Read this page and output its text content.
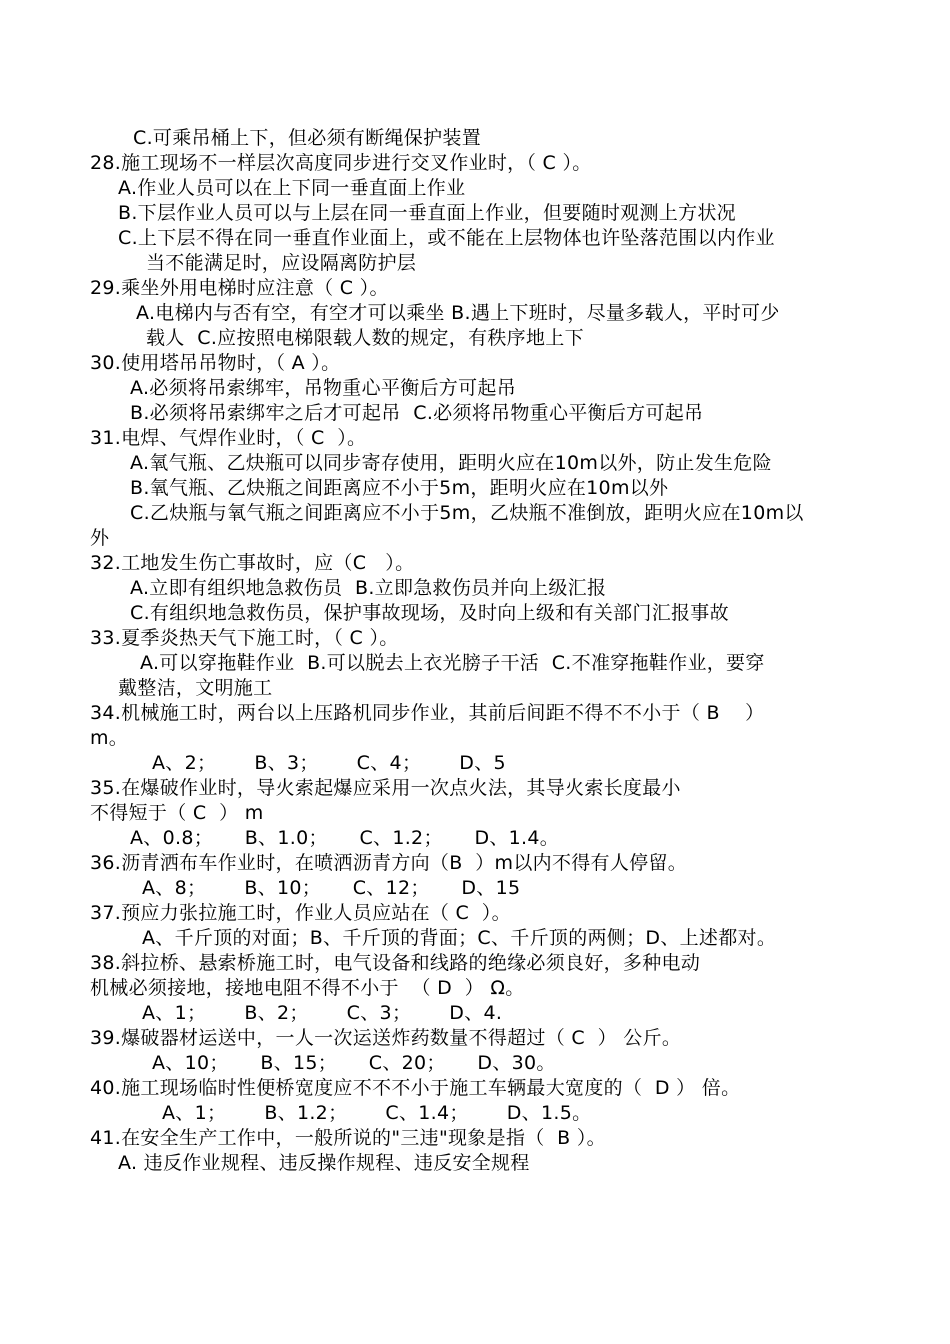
C.可乘吊桶上下，但必须有断绳保护装置
28.施工现场不一样层次高度同步进行交叉作业时，（ C ）。
A.作业人员可以在上下同一垂直面上作业
B.下层作业人员可以与上层在同一垂直面上作业，但要随时观测上方状况
C.上下层不得在同一垂直作业面上，或不能在上层物体也许坠落范围以内作业
当不能满足时，应设隔离防护层
29.乘坐外用电梯时应注意（ C ）。
A.电梯内与否有空，有空才可以乘坐 B.遇上下班时，尽量多载人，平时可少
载人  C.应按照电梯限载人数的规定，有秩序地上下
30.使用塔吊吊物时，（ A ）。
A.必须将吊索绑牢，吊物重心平衡后方可起吊
B.必须将吊索绑牢之后才可起吊  C.必须将吊物重心平衡后方可起吊
31.电焊、气焊作业时，（ C  ）。
A.氧气瓶、乙炔瓶可以同步寄存使用，距明火应在10m以外，防止发生危险
B.氧气瓶、乙炔瓶之间距离应不小于5m，距明火应在10m以外
C.乙炔瓶与氧气瓶之间距离应不小于5m，乙炔瓶不准倒放，距明火应在10m以
外
32.工地发生伤亡事故时，应（C   ）。
A.立即有组织地急救伤员  B.立即急救伤员并向上级汇报
C.有组织地急救伤员，保护事故现场，及时向上级和有关部门汇报事故
33.夏季炎热天气下施工时，（ C ）。
A.可以穿拖鞋作业  B.可以脱去上衣光膀子干活  C.不准穿拖鞋作业，要穿
戴整洁，文明施工
34.机械施工时，两台以上压路机同步作业，其前后间距不得不不小于（ B    ）
m。
A、2；      B、3；      C、4；      D、5
35.在爆破作业时，导火索起爆应采用一次点火法，其导火索长度最小
不得短于（ C  ） m
A、0.8；     B、1.0；     C、1.2；     D、1.4。
36.沥青洒布车作业时，在喷洒沥青方向（B  ）m以内不得有人停留。
A、8；      B、10；     C、12；     D、15
37.预应力张拉施工时，作业人员应站在（ C  ）。
A、千斤顶的对面；B、千斤顶的背面；C、千斤顶的两侧；D、上述都对。
38.斜拉桥、悬索桥施工时，电气设备和线路的绝缘必须良好，多种电动
机械必须接地，接地电阻不得不小于  （ D  ） Ω。
A、1；      B、2；      C、3；      D、4.
39.爆破器材运送中，一人一次运送炸药数量不得超过（ C  ） 公斤。
A、10；     B、15；     C、20；     D、30。
40.施工现场临时性便桥宽度应不不不小于施工车辆最大宽度的（  D ） 倍。
A、1；      B、1.2；      C、1.4；      D、1.5。
41.在安全生产工作中，一般所说的"三违"现象是指（  B ）。
A. 违反作业规程、违反操作规程、违反安全规程
